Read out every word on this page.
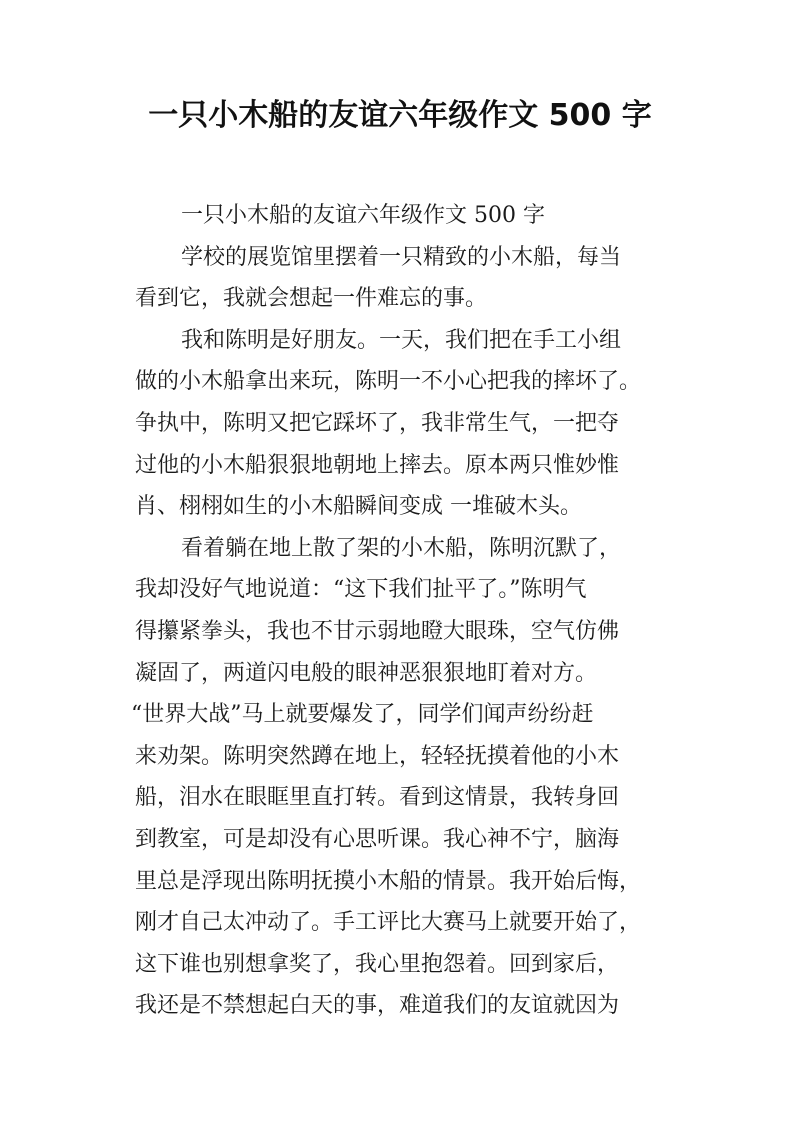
一只小木船的友谊六年级作文 500 字
一只小木船的友谊六年级作文 500 字
学校的展览馆里摆着一只精致的小木船，每当
看到它，我就会想起一件难忘的事。
我和陈明是好朋友。一天，我们把在手工小组
做的小木船拿出来玩，陈明一不小心把我的摔坏了。
争执中，陈明又把它踩坏了，我非常生气，一把夺
过他的小木船狠狠地朝地上摔去。原本两只惟妙惟
肖、栩栩如生的小木船瞬间变成 一堆破木头。
看着躺在地上散了架的小木船，陈明沉默了，
我却没好气地说道：“这下我们扯平了。”陈明气
得攥紧拳头，我也不甘示弱地瞪大眼珠，空气仿佛
凝固了，两道闪电般的眼神恶狠狠地盯着对方。
“世界大战”马上就要爆发了，同学们闻声纷纷赶
来劝架。陈明突然蹲在地上，轻轻抚摸着他的小木
船，泪水在眼眶里直打转。看到这情景，我转身回
到教室，可是却没有心思听课。我心神不宁，脑海
里总是浮现出陈明抚摸小木船的情景。我开始后悔，
刚才自己太冲动了。手工评比大赛马上就要开始了，
这下谁也别想拿奖了，我心里抱怨着。回到家后，
我还是不禁想起白天的事，难道我们的友谊就因为
